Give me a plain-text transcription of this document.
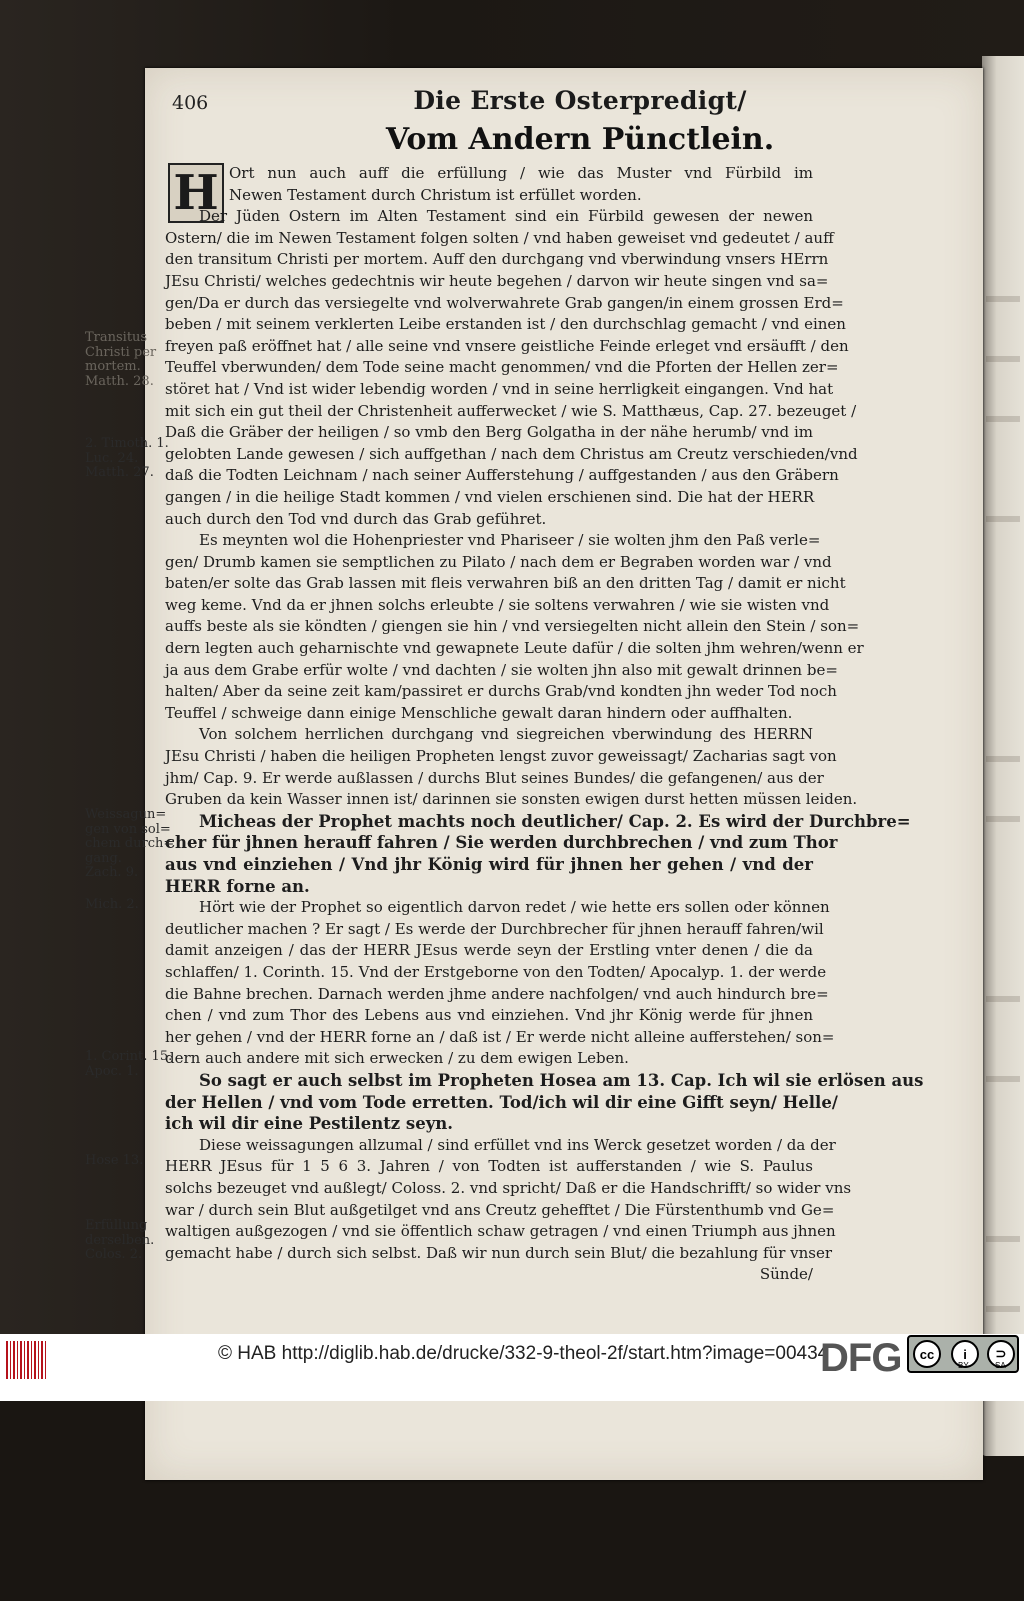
406	Die Erste Osterpredigt/
Vom Andern Pünctlein.
H Ort nun auch auff die erfüllung / wie das Muster vnd Fürbild im
Newen Testament durch Christum ist erfüllet worden.
Der Jüden Ostern im Alten Testament sind ein Fürbild gewesen der newen
Ostern/ die im Newen Testament folgen solten / vnd haben geweiset vnd gedeutet / auff
den transitum Christi per mortem. Auff den durchgang vnd vberwindung vnsers HErrn
JEsu Christi/ welches gedechtnis wir heute begehen / darvon wir heute singen vnd sa=
gen/Da er durch das versiegelte vnd wolverwahrete Grab gangen/in einem grossen Erd=
beben / mit seinem verklerten Leibe erstanden ist / den durchschlag gemacht / vnd einen
freyen paß eröffnet hat / alle seine vnd vnsere geistliche Feinde erleget vnd ersäufft / den
Teuffel vberwunden/ dem Tode seine macht genommen/ vnd die Pforten der Hellen zer=
störet hat / Vnd ist wider lebendig worden / vnd in seine herrligkeit eingangen. Vnd hat
mit sich ein gut theil der Christenheit aufferwecket / wie S. Matthæus, Cap. 27. bezeuget /
Daß die Gräber der heiligen / so vmb den Berg Golgatha in der nähe herumb/ vnd im
gelobten Lande gewesen / sich auffgethan / nach dem Christus am Creutz verschieden/vnd
daß die Todten Leichnam / nach seiner Aufferstehung / auffgestanden / aus den Gräbern
gangen / in die heilige Stadt kommen / vnd vielen erschienen sind. Die hat der HERR
auch durch den Tod vnd durch das Grab geführet.
Es meynten wol die Hohenpriester vnd Phariseer / sie wolten jhm den Paß verle=
gen/ Drumb kamen sie semptlichen zu Pilato / nach dem er Begraben worden war / vnd
baten/er solte das Grab lassen mit fleis verwahren biß an den dritten Tag / damit er nicht
weg keme. Vnd da er jhnen solchs erleubte / sie soltens verwahren / wie sie wisten vnd
auffs beste als sie köndten / giengen sie hin / vnd versiegelten nicht allein den Stein / son=
dern legten auch geharnischte vnd gewapnete Leute dafür / die solten jhm wehren/wenn er
ja aus dem Grabe erfür wolte / vnd dachten / sie wolten jhn also mit gewalt drinnen be=
halten/ Aber da seine zeit kam/passiret er durchs Grab/vnd kondten jhn weder Tod noch
Teuffel / schweige dann einige Menschliche gewalt daran hindern oder auffhalten.
Von solchem herrlichen durchgang vnd siegreichen vberwindung des HERRN
JEsu Christi / haben die heiligen Propheten lengst zuvor geweissagt/ Zacharias sagt von
jhm/ Cap. 9. Er werde außlassen / durchs Blut seines Bundes/ die gefangenen/ aus der
Gruben da kein Wasser innen ist/ darinnen sie sonsten ewigen durst hetten müssen leiden.
Micheas der Prophet machts noch deutlicher/ Cap. 2. Es wird der Durchbre=
cher für jhnen herauff fahren / Sie werden durchbrechen / vnd zum Thor
aus vnd einziehen / Vnd jhr König wird für jhnen her gehen / vnd der
HERR forne an.
Hört wie der Prophet so eigentlich darvon redet / wie hette ers sollen oder können
deutlicher machen ? Er sagt / Es werde der Durchbrecher für jhnen herauff fahren/wil
damit anzeigen / das der HERR JEsus werde seyn der Erstling vnter denen / die da
schlaffen/ 1. Corinth. 15. Vnd der Erstgeborne von den Todten/ Apocalyp. 1. der werde
die Bahne brechen. Darnach werden jhme andere nachfolgen/ vnd auch hindurch bre=
chen / vnd zum Thor des Lebens aus vnd einziehen. Vnd jhr König werde für jhnen
her gehen / vnd der HERR forne an / daß ist / Er werde nicht alleine aufferstehen/ son=
dern auch andere mit sich erwecken / zu dem ewigen Leben.
So sagt er auch selbst im Propheten Hosea am 13. Cap. Ich wil sie erlösen aus
der Hellen / vnd vom Tode erretten. Tod/ich wil dir eine Gifft seyn/ Helle/
ich wil dir eine Pestilentz seyn.
Diese weissagungen allzumal / sind erfüllet vnd ins Werck gesetzet worden / da der
HERR JEsus für 1 5 6 3. Jahren / von Todten ist aufferstanden / wie S. Paulus
solchs bezeuget vnd außlegt/ Coloss. 2. vnd spricht/ Daß er die Handschrifft/ so wider vns
war / durch sein Blut außgetilget vnd ans Creutz gehefftet / Die Fürstenthumb vnd Ge=
waltigen außgezogen / vnd sie öffentlich schaw getragen / vnd einen Triumph aus jhnen
gemacht habe / durch sich selbst. Daß wir nun durch sein Blut/ die bezahlung für vnser
Sünde/
Transitus
Christi per
mortem.
Matth. 28.
2. Timoth. 1.
Luc. 24.
Matth. 27.
Weissagun=
gen von sol=
chem durch=
gang.
Zach. 9.
Mich. 2.
1. Corint. 15.
Apoc. 1.
Hose 13.
Erfüllung
derselben.
Colos. 2.
© HAB http://diglib.hab.de/drucke/332-9-theol-2f/start.htm?image=00434
DFG	cc	i	⊃
BY	SA
